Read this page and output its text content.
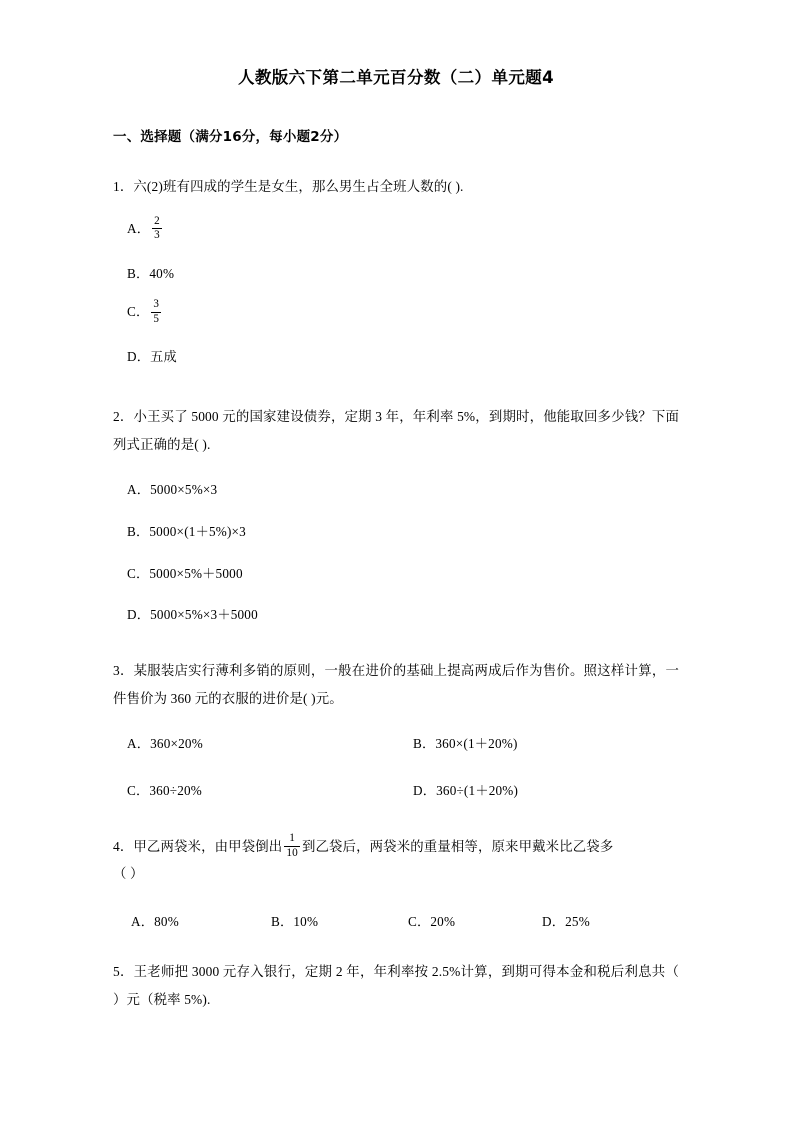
人教版六下第二单元百分数（二）单元题4
一、选择题（满分16分，每小题2分）
1．六(2)班有四成的学生是女生，那么男生占全班人数的( ).
A． $\frac{2}{3}$
B．40%
C． $\frac{3}{5}$
D．五成
2．小王买了 5000 元的国家建设债券，定期 3 年，年利率 5%，到期时，他能取回多少钱？下面列式正确的是( ).
A．5000×5%×3
B．5000×(1＋5%)×3
C．5000×5%＋5000
D．5000×5%×3＋5000
3．某服装店实行薄利多销的原则，一般在进价的基础上提高两成后作为售价。照这样计算，一件售价为 360 元的衣服的进价是( )元。
A．360×20%	B．360×(1＋20%)
C．360÷20%	D．360÷(1＋20%)
4．甲乙两袋米，由甲袋倒出 $\frac{1}{10}$ 到乙袋后，两袋米的重量相等，原来甲戴米比乙袋多
（ ）
A．80%	B．10%	C．20%	D．25%
5．王老师把 3000 元存入银行，定期 2 年，年利率按 2.5%计算，到期可得本金和税后利息共（ ）元（税率 5%).
